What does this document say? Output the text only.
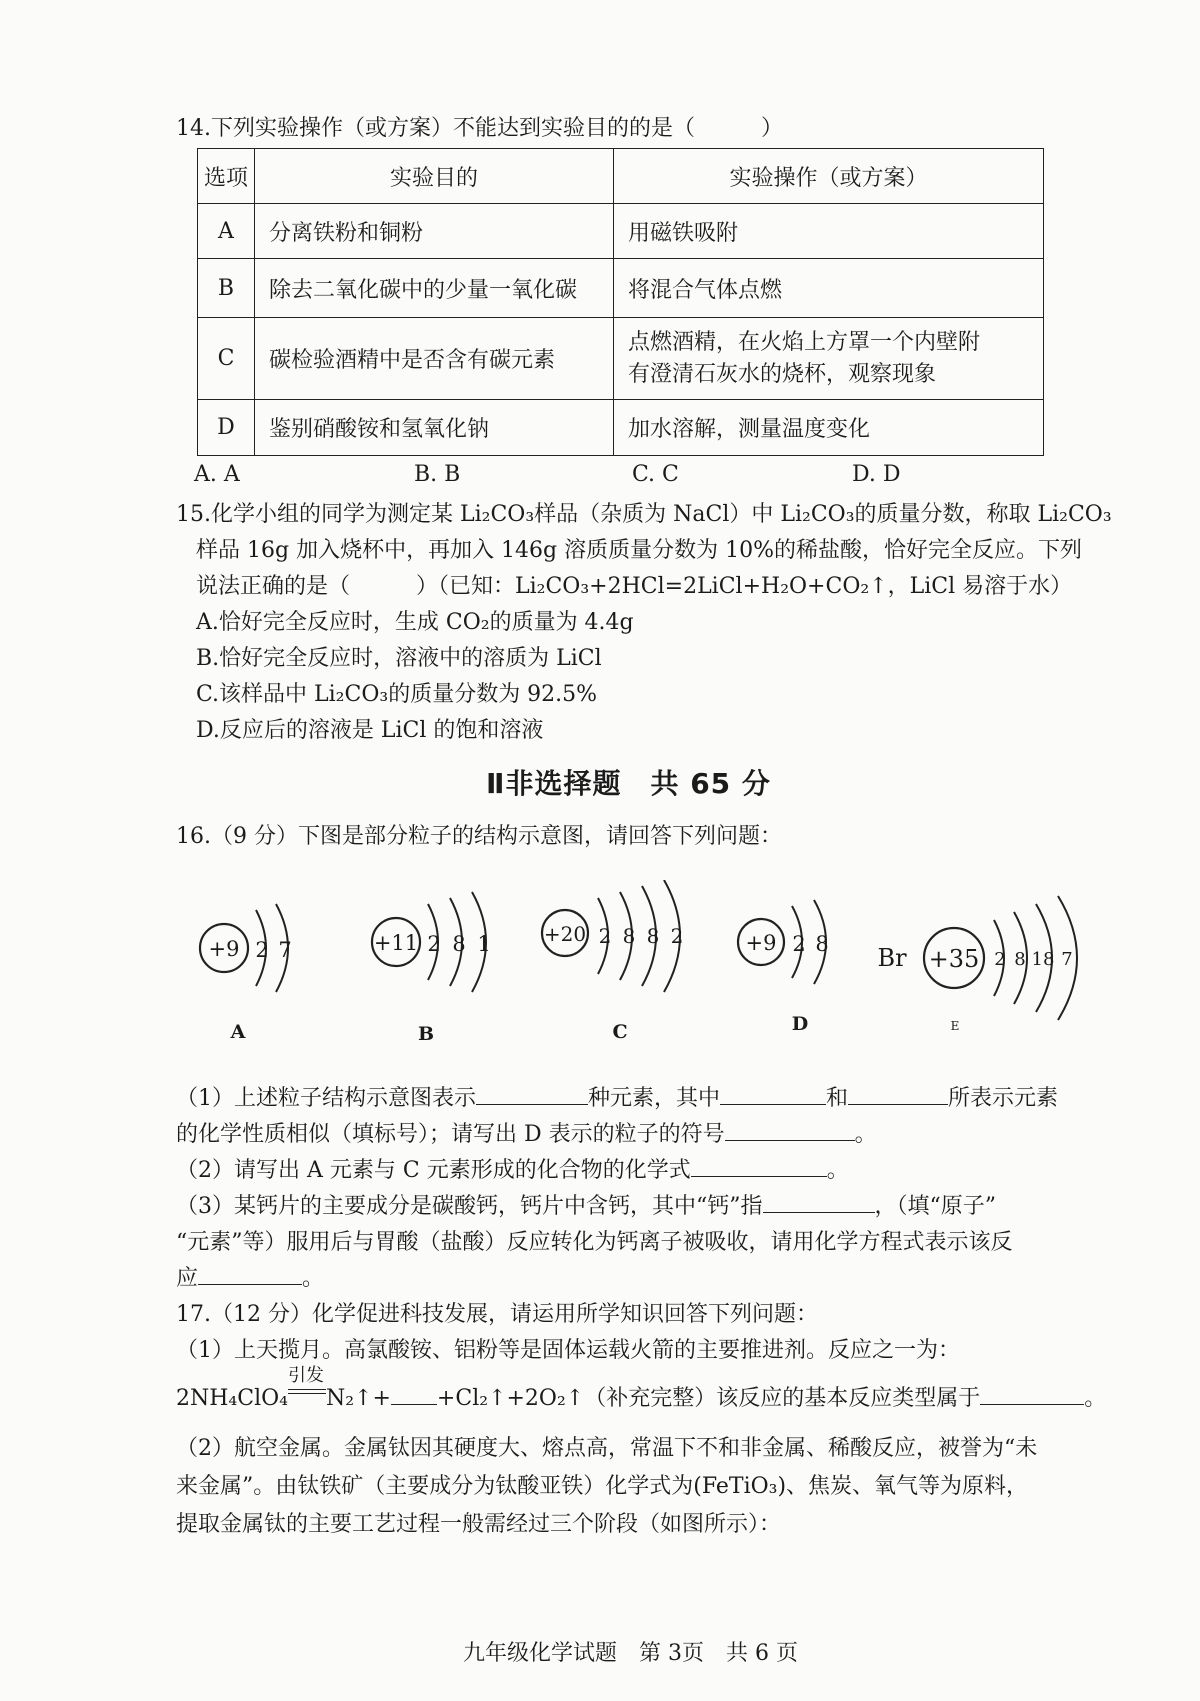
14.下列实验操作（或方案）不能达到实验目的的是（　　　）
选项	实验目的	实验操作（或方案）
A	分离铁粉和铜粉	用磁铁吸附
B	除去二氧化碳中的少量一氧化碳	将混合气体点燃
C	碳检验酒精中是否含有碳元素	点燃酒精，在火焰上方罩一个内壁附
有澄清石灰水的烧杯，观察现象

D	鉴别硝酸铵和氢氧化钠	加水溶解，测量温度变化
A. A	B. B	C. C	D. D
15.化学小组的同学为测定某 Li₂CO₃样品（杂质为 NaCl）中 Li₂CO₃的质量分数，称取 Li₂CO₃
样品 16g 加入烧杯中，再加入 146g 溶质质量分数为 10%的稀盐酸，恰好完全反应。下列
说法正确的是（　　　）（已知：Li₂CO₃+2HCl=2LiCl+H₂O+CO₂↑，LiCl 易溶于水）
A.恰好完全反应时，生成 CO₂的质量为 4.4g
B.恰好完全反应时，溶液中的溶质为 LiCl
C.该样品中 Li₂CO₃的质量分数为 92.5%
D.反应后的溶液是 LiCl 的饱和溶液
Ⅱ非选择题　共 65 分
16.（9 分）下图是部分粒子的结构示意图，请回答下列问题：
+9 2 7
A
+11 2 8 1
B
+20 2 8 8 2
C
+9 2 8
D
Br +35 2 8 18 7
E
（1）上述粒子结构示意图表示	种元素，其中	和	所表示元素
的化学性质相似（填标号）；请写出 D 表示的粒子的符号	。
（2）请写出 A 元素与 C 元素形成的化合物的化学式	。
（3）某钙片的主要成分是碳酸钙，钙片中含钙，其中“钙”指	，（填“原子”
“元素”等）服用后与胃酸（盐酸）反应转化为钙离子被吸收，请用化学方程式表示该反
应	。
17.（12 分）化学促进科技发展，请运用所学知识回答下列问题：
（1）上天揽月。高氯酸铵、铝粉等是固体运载火箭的主要推进剂。反应之一为：
2NH₄ClO₄
引发
N₂↑+ +Cl₂↑+2O₂↑（补充完整）该反应的基本反应类型属于	。
（2）航空金属。金属钛因其硬度大、熔点高，常温下不和非金属、稀酸反应，被誉为“未
来金属”。由钛铁矿（主要成分为钛酸亚铁）化学式为(FeTiO₃)、焦炭、氧气等为原料，
提取金属钛的主要工艺过程一般需经过三个阶段（如图所示）：
九年级化学试题　第 3页　共 6 页
